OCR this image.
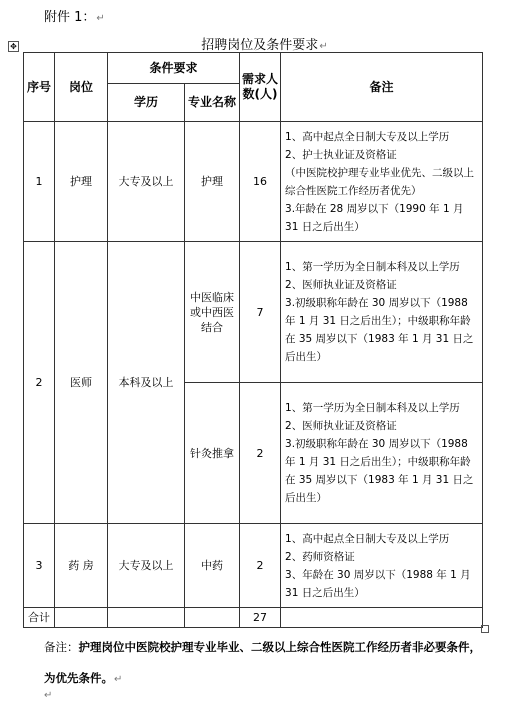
附件 1：↵
✥	招聘岗位及条件要求↵
序号	岗位	条件要求		需求人数(人)	备注
		学历	专业名称		
1	护理	大专及以上	护理	16	1、高中起点全日制大专及以上学历
2、护士执业证及资格证
（中医院校护理专业毕业优先、二级以上综合性医院工作经历者优先）
3.年龄在 28 周岁以下（1990 年 1 月 31 日之后出生）

2	医师	本科及以上	中医临床或中西医结合	7	1、第一学历为全日制本科及以上学历
2、医师执业证及资格证
3.初级职称年龄在 30 周岁以下（1988 年 1 月 31 日之后出生）；中级职称年龄在 35 周岁以下（1983 年 1 月 31 日之后出生）

			针灸推拿	2	1、第一学历为全日制本科及以上学历
2、医师执业证及资格证
3.初级职称年龄在 30 周岁以下（1988 年 1 月 31 日之后出生）；中级职称年龄在 35 周岁以下（1983 年 1 月 31 日之后出生）

3	药 房	大专及以上	中药	2	1、高中起点全日制大专及以上学历
2、药师资格证
3、年龄在 30 周岁以下（1988 年 1 月 31 日之后出生）

合计				27	
备注：护理岗位中医院校护理专业毕业、二级以上综合性医院工作经历者非必要条件，为优先条件。↵
↵
